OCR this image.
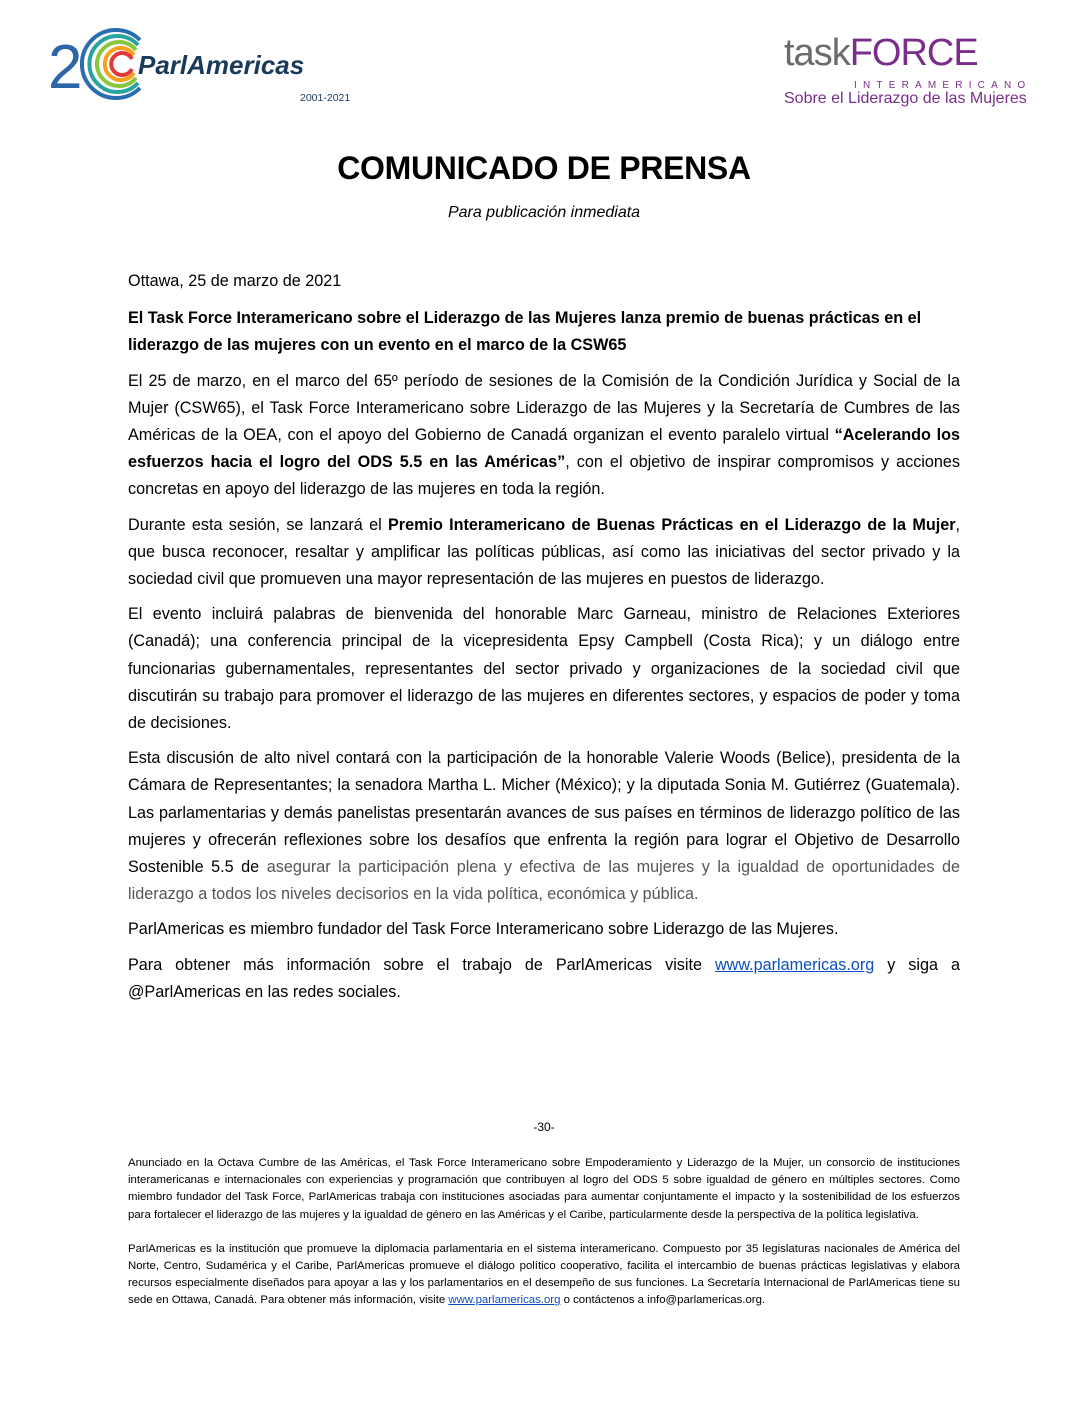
2 ParlAmericas
2001-2021
taskFORCE
INTERAMERICANO
Sobre el Liderazgo de las Mujeres
COMUNICADO DE PRENSA
Para publicación inmediata

Ottawa, 25 de marzo de 2021

El Task Force Interamericano sobre el Liderazgo de las Mujeres lanza premio de buenas prácticas en el liderazgo de las mujeres con un evento en el marco de la CSW65

El 25 de marzo, en el marco del 65º período de sesiones de la Comisión de la Condición Jurídica y Social de la Mujer (CSW65), el Task Force Interamericano sobre Liderazgo de las Mujeres y la Secretaría de Cumbres de las Américas de la OEA, con el apoyo del Gobierno de Canadá organizan el evento paralelo virtual “Acelerando los esfuerzos hacia el logro del ODS 5.5 en las Américas”, con el objetivo de inspirar compromisos y acciones concretas en apoyo del liderazgo de las mujeres en toda la región.

Durante esta sesión, se lanzará el Premio Interamericano de Buenas Prácticas en el Liderazgo de la Mujer, que busca reconocer, resaltar y amplificar las políticas públicas, así como las iniciativas del sector privado y la sociedad civil que promueven una mayor representación de las mujeres en puestos de liderazgo.

El evento incluirá palabras de bienvenida del honorable Marc Garneau, ministro de Relaciones Exteriores (Canadá); una conferencia principal de la vicepresidenta Epsy Campbell (Costa Rica); y un diálogo entre funcionarias gubernamentales, representantes del sector privado y organizaciones de la sociedad civil que discutirán su trabajo para promover el liderazgo de las mujeres en diferentes sectores, y espacios de poder y toma de decisiones.

Esta discusión de alto nivel contará con la participación de la honorable Valerie Woods (Belice), presidenta de la Cámara de Representantes; la senadora Martha L. Micher (México); y la diputada Sonia M. Gutiérrez (Guatemala). Las parlamentarias y demás panelistas presentarán avances de sus países en términos de liderazgo político de las mujeres y ofrecerán reflexiones sobre los desafíos que enfrenta la región para lograr el Objetivo de Desarrollo Sostenible 5.5 de asegurar la participación plena y efectiva de las mujeres y la igualdad de oportunidades de liderazgo a todos los niveles decisorios en la vida política, económica y pública.

ParlAmericas es miembro fundador del Task Force Interamericano sobre Liderazgo de las Mujeres.

Para obtener más información sobre el trabajo de ParlAmericas visite www.parlamericas.org y siga a @ParlAmericas en las redes sociales.

-30-

Anunciado en la Octava Cumbre de las Américas, el Task Force Interamericano sobre Empoderamiento y Liderazgo de la Mujer, un consorcio de instituciones interamericanas e internacionales con experiencias y programación que contribuyen al logro del ODS 5 sobre igualdad de género en múltiples sectores. Como miembro fundador del Task Force, ParlAmericas trabaja con instituciones asociadas para aumentar conjuntamente el impacto y la sostenibilidad de los esfuerzos para fortalecer el liderazgo de las mujeres y la igualdad de género en las Américas y el Caribe, particularmente desde la perspectiva de la política legislativa.

ParlAmericas es la institución que promueve la diplomacia parlamentaria en el sistema interamericano. Compuesto por 35 legislaturas nacionales de América del Norte, Centro, Sudamérica y el Caribe, ParlAmericas promueve el diálogo político cooperativo, facilita el intercambio de buenas prácticas legislativas y elabora recursos especialmente diseñados para apoyar a las y los parlamentarios en el desempeño de sus funciones. La Secretaría Internacional de ParlAmericas tiene su sede en Ottawa, Canadá. Para obtener más información, visite www.parlamericas.org o contáctenos a info@parlamericas.org.
